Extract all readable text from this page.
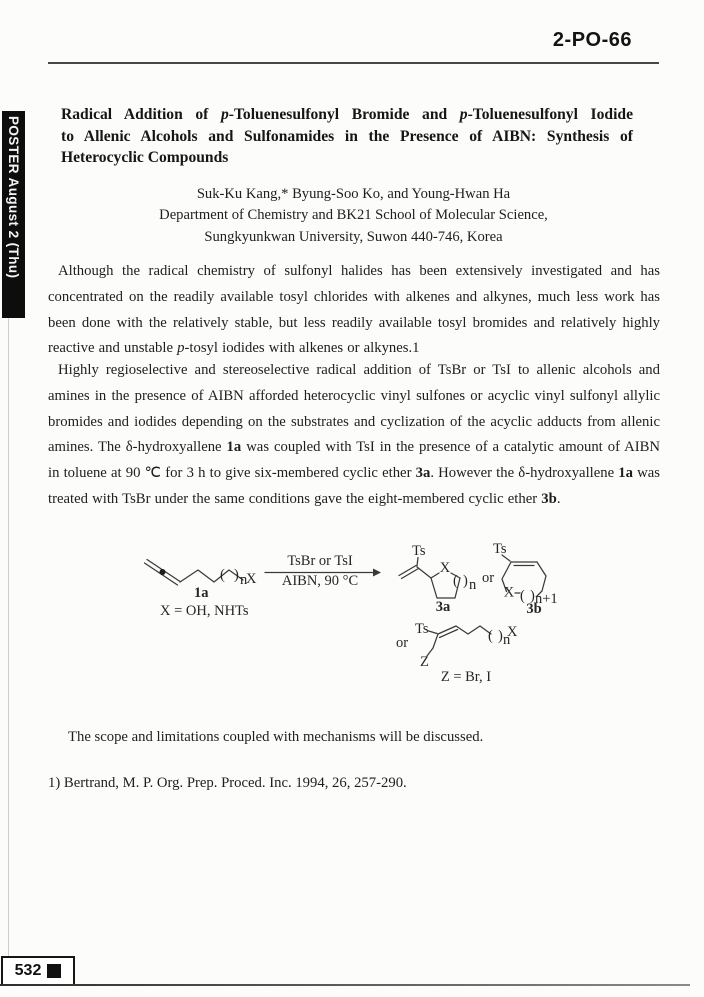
2-PO-66
POSTER August 2 (Thu)
Radical Addition of p-Toluenesulfonyl Bromide and p-Toluenesulfonyl Iodide
to Allenic Alcohols and Sulfonamides in the Presence of AIBN: Synthesis of
Heterocyclic Compounds
Suk-Ku Kang,* Byung-Soo Ko, and Young-Hwan Ha
Department of Chemistry and BK21 School of Molecular Science,
Sungkyunkwan University, Suwon 440-746, Korea
Although the radical chemistry of sulfonyl halides has been extensively investigated and has concentrated on the readily available tosyl chlorides with alkenes and alkynes, much less work has been done with the relatively stable, but less readily available tosyl bromides and relatively highly reactive and unstable p-tosyl iodides with alkenes or alkynes.1
Highly regioselective and stereoselective radical addition of TsBr or TsI to allenic alcohols and amines in the presence of AIBN afforded heterocyclic vinyl sulfones or acyclic vinyl sulfonyl allylic bromides and iodides depending on the substrates and cyclization of the acyclic adducts from allenic amines. The δ-hydroxyallene 1a was coupled with TsI in the presence of a catalytic amount of AIBN in toluene at 90 ℃ for 3 h to give six-membered cyclic ether 3a. However the δ-hydroxyallene 1a was treated with TsBr under the same conditions gave the eight-membered cyclic ether 3b.
( ) n
X
1a
X = OH, NHTs
TsBr or TsI
AIBN, 90 °C
Ts
X
( ) n
3a
or
Ts
X ( ) n+1
3b
or
Ts	( ) n
X
Z
Z = Br, I
The scope and limitations coupled with mechanisms will be discussed.
1) Bertrand, M. P. Org. Prep. Proced. Inc. 1994, 26, 257-290.
532
